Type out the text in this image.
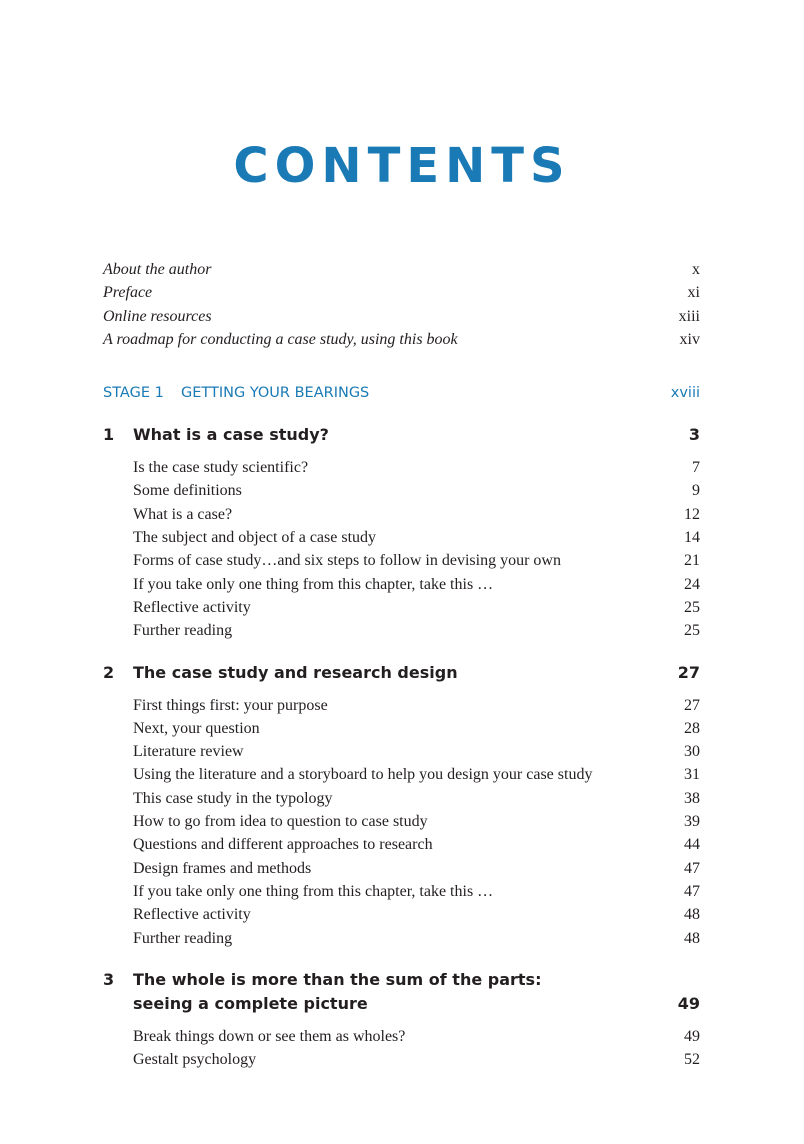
CONTENTS
About the author	x
Preface	xi
Online resources	xiii
A roadmap for conducting a case study, using this book	xiv
STAGE 1 GETTING YOUR BEARINGS	xviii
1 What is a case study?	3
Is the case study scientific?	7
Some definitions	9
What is a case?	12
The subject and object of a case study	14
Forms of case study…and six steps to follow in devising your own	21
If you take only one thing from this chapter, take this …	24
Reflective activity	25
Further reading	25
2 The case study and research design	27
First things first: your purpose	27
Next, your question	28
Literature review	30
Using the literature and a storyboard to help you design your case study	31
This case study in the typology	38
How to go from idea to question to case study	39
Questions and different approaches to research	44
Design frames and methods	47
If you take only one thing from this chapter, take this …	47
Reflective activity	48
Further reading	48
3 The whole is more than the sum of the parts: seeing a complete picture	49
Break things down or see them as wholes?	49
Gestalt psychology	52
